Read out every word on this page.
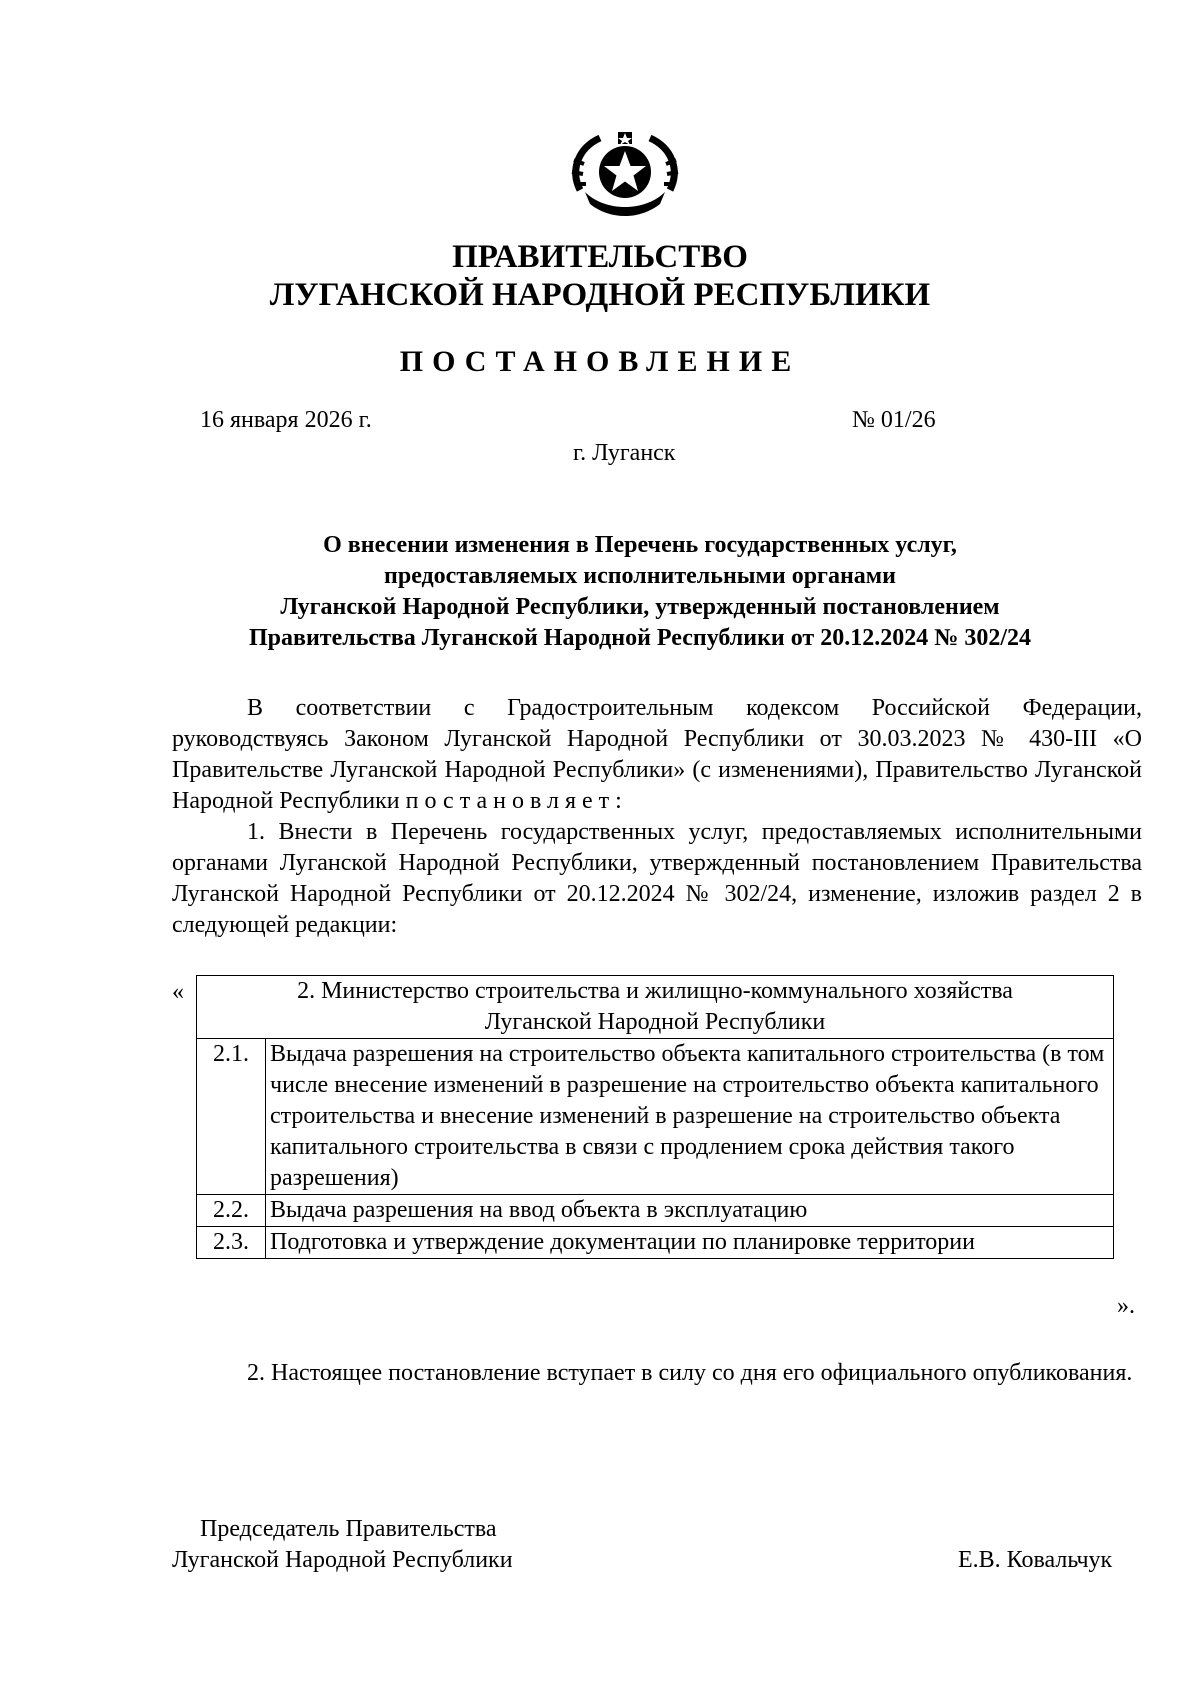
ПРАВИТЕЛЬСТВО
ЛУГАНСКОЙ НАРОДНОЙ РЕСПУБЛИКИ
ПОСТАНОВЛЕНИЕ
16 января 2026 г.	№ 01/26
г. Луганск
О внесении изменения в Перечень государственных услуг,
предоставляемых исполнительными органами
Луганской Народной Республики, утвержденный постановлением
Правительства Луганской Народной Республики от 20.12.2024 № 302/24
В соответствии с Градостроительным кодексом Российской Федерации, руководствуясь Законом Луганской Народной Республики от 30.03.2023 № 430-III «О Правительстве Луганской Народной Республики» (с изменениями), Правительство Луганской Народной Республики постановляет:
1. Внести в Перечень государственных услуг, предоставляемых исполнительными органами Луганской Народной Республики, утвержденный постановлением Правительства Луганской Народной Республики от 20.12.2024 № 302/24, изменение, изложив раздел 2 в следующей редакции:
«
».
2. Министерство строительства и жилищно-коммунального хозяйства
Луганской Народной Республики	

2.1.	Выдача разрешения на строительство объекта капитального строительства (в том числе внесение изменений в разрешение на строительство объекта капитального строительства и внесение изменений в разрешение на строительство объекта капитального строительства в связи с продлением срока действия такого разрешения)
2.2.	Выдача разрешения на ввод объекта в эксплуатацию
2.3.	Подготовка и утверждение документации по планировке территории
2. Настоящее постановление вступает в силу со дня его официального опубликования.
Председатель Правительства
Луганской Народной Республики	Е.В. Ковальчук
